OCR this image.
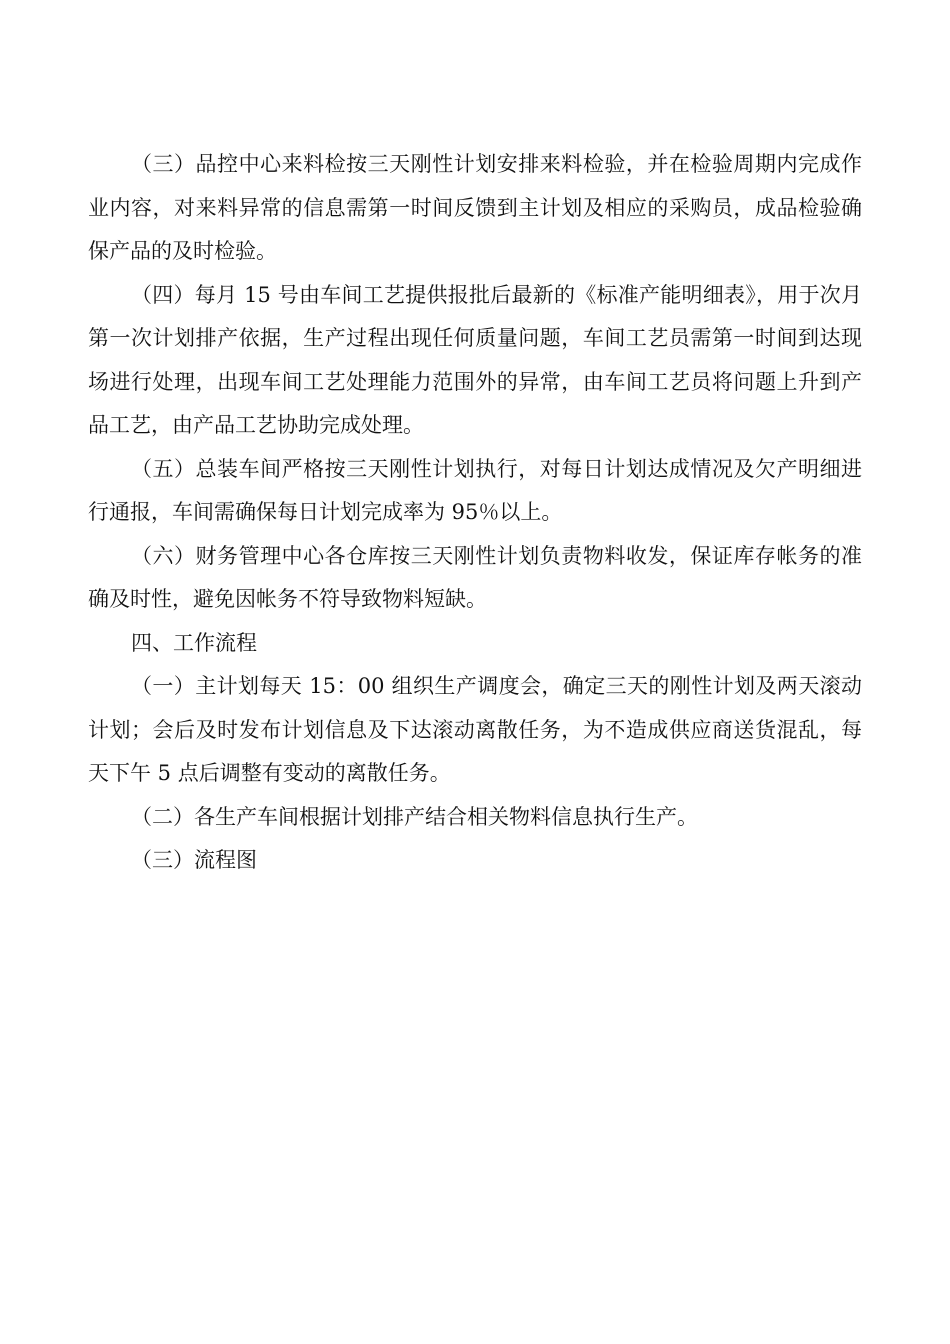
（三）品控中心来料检按三天刚性计划安排来料检验，并在检验周期内完成作业内容，对来料异常的信息需第一时间反馈到主计划及相应的采购员，成品检验确保产品的及时检验。

（四）每月 15 号由车间工艺提供报批后最新的《标准产能明细表》，用于次月第一次计划排产依据，生产过程出现任何质量问题，车间工艺员需第一时间到达现场进行处理，出现车间工艺处理能力范围外的异常，由车间工艺员将问题上升到产品工艺，由产品工艺协助完成处理。

（五）总装车间严格按三天刚性计划执行，对每日计划达成情况及欠产明细进行通报，车间需确保每日计划完成率为 95％以上。

（六）财务管理中心各仓库按三天刚性计划负责物料收发，保证库存帐务的准确及时性，避免因帐务不符导致物料短缺。

四、工作流程

（一）主计划每天 15：00 组织生产调度会，确定三天的刚性计划及两天滚动计划；会后及时发布计划信息及下达滚动离散任务，为不造成供应商送货混乱，每天下午 5 点后调整有变动的离散任务。

（二）各生产车间根据计划排产结合相关物料信息执行生产。

（三）流程图
